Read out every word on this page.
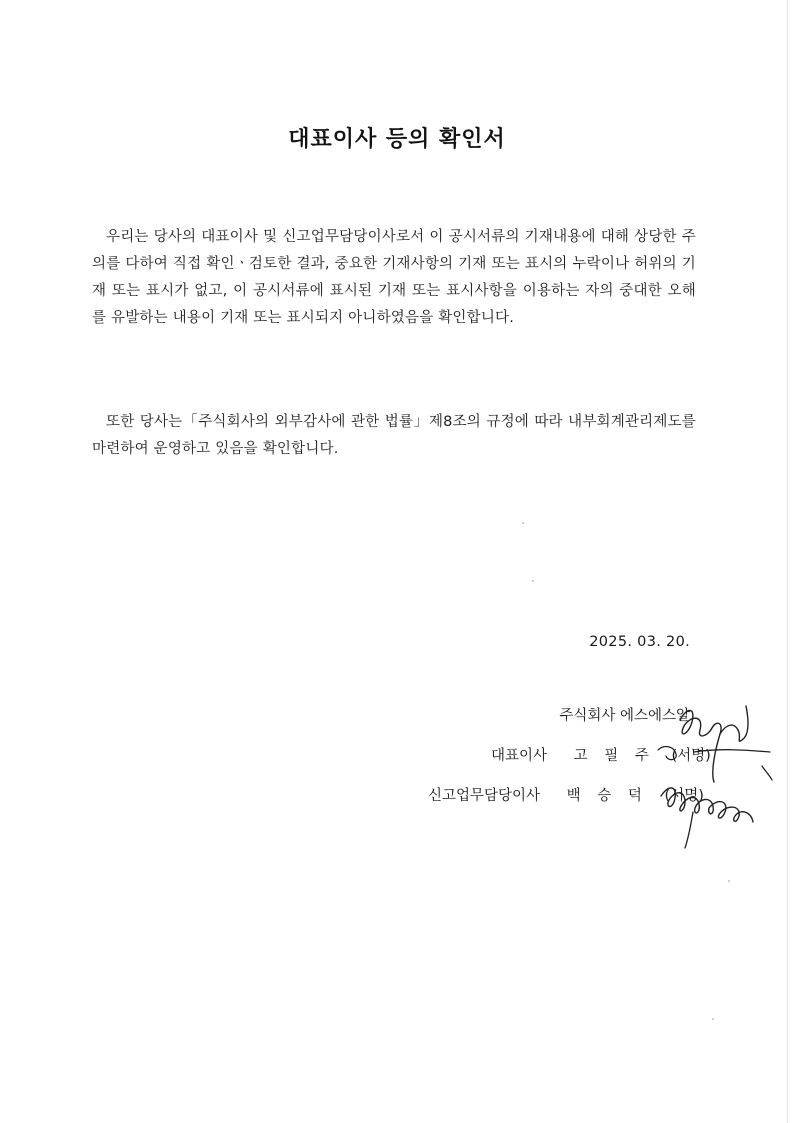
대표이사 등의 확인서

우리는 당사의 대표이사 및 신고업무담당이사로서 이 공시서류의 기재내용에 대해 상당한 주의를 다하여 직접 확인ㆍ검토한 결과, 중요한 기재사항의 기재 또는 표시의 누락이나 허위의 기재 또는 표시가 없고, 이 공시서류에 표시된 기재 또는 표시사항을 이용하는 자의 중대한 오해를 유발하는 내용이 기재 또는 표시되지 아니하였음을 확인합니다.

또한 당사는「주식회사의 외부감사에 관한 법률」제8조의 규정에 따라 내부회계관리제도를 마련하여 운영하고 있음을 확인합니다.

2025. 03. 20.
주식회사 에스에스알
대표이사 고 필 주 (서명)
신고업무담당이사 백 승 덕 (서명)
